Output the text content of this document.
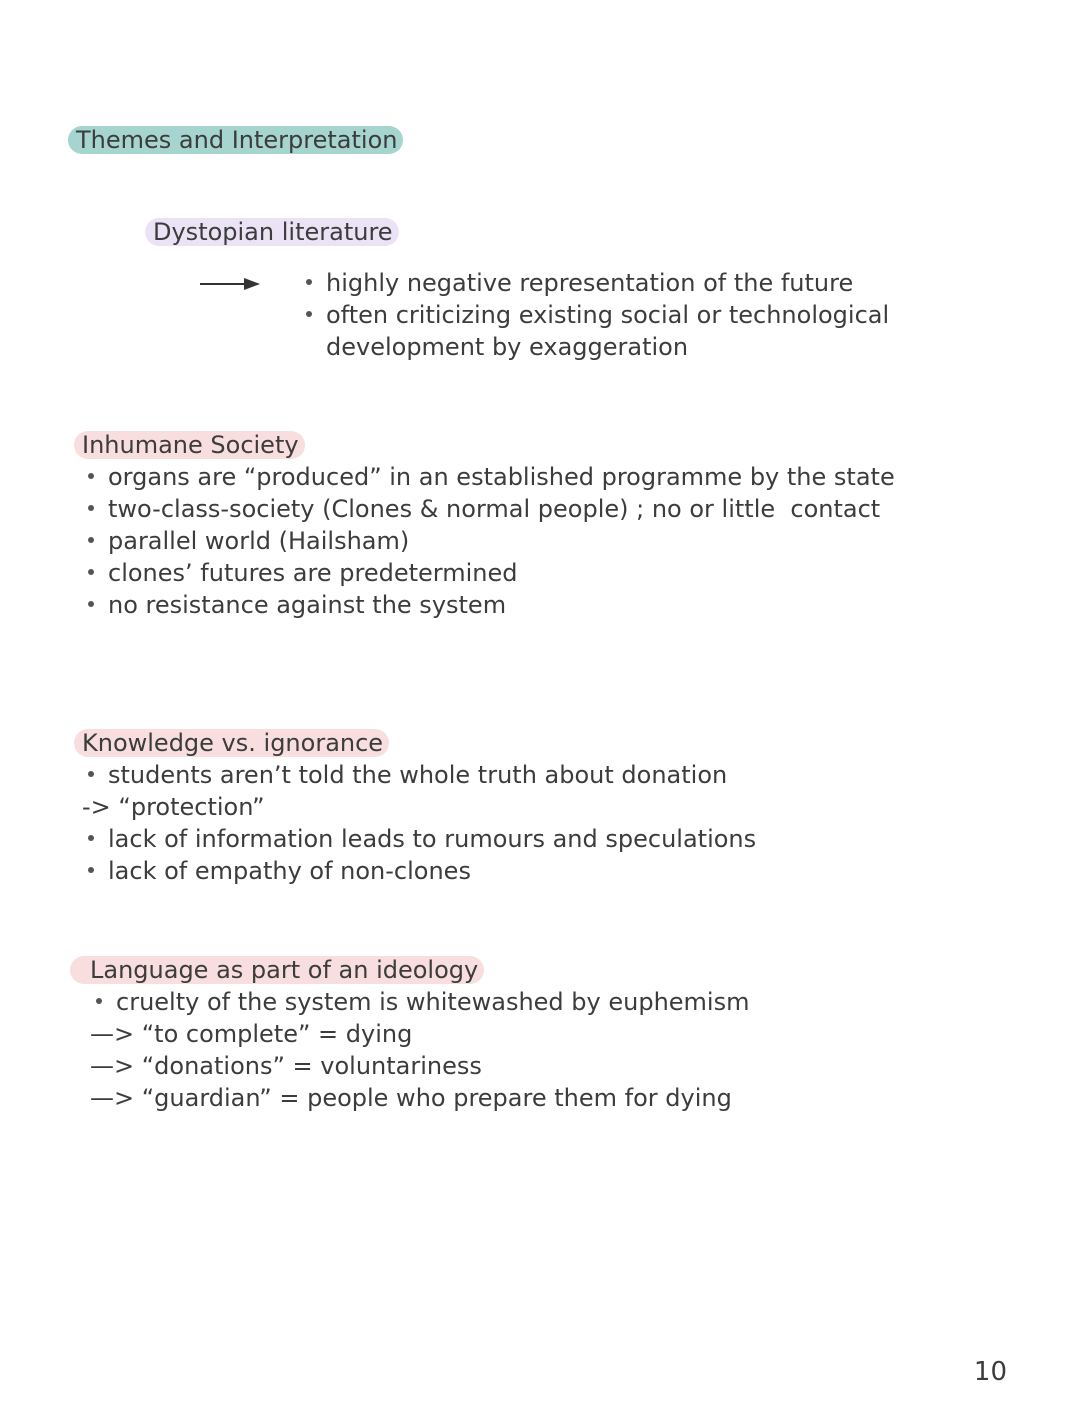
Themes and Interpretation
Dystopian literature
highly negative representation of the future
often criticizing existing social or technological
development by exaggeration
Inhumane Society
organs are “produced” in an established programme by the state
two-class-society (Clones & normal people) ; no or little  contact
parallel world (Hailsham)
clones’ futures are predetermined
no resistance against the system
Knowledge vs. ignorance
students aren’t told the whole truth about donation
-> “protection”
lack of information leads to rumours and speculations
lack of empathy of non-clones
Language as part of an ideology
cruelty of the system is whitewashed by euphemism
—> “to complete” = dying
—> “donations” = voluntariness
—> “guardian” = people who prepare them for dying
10
